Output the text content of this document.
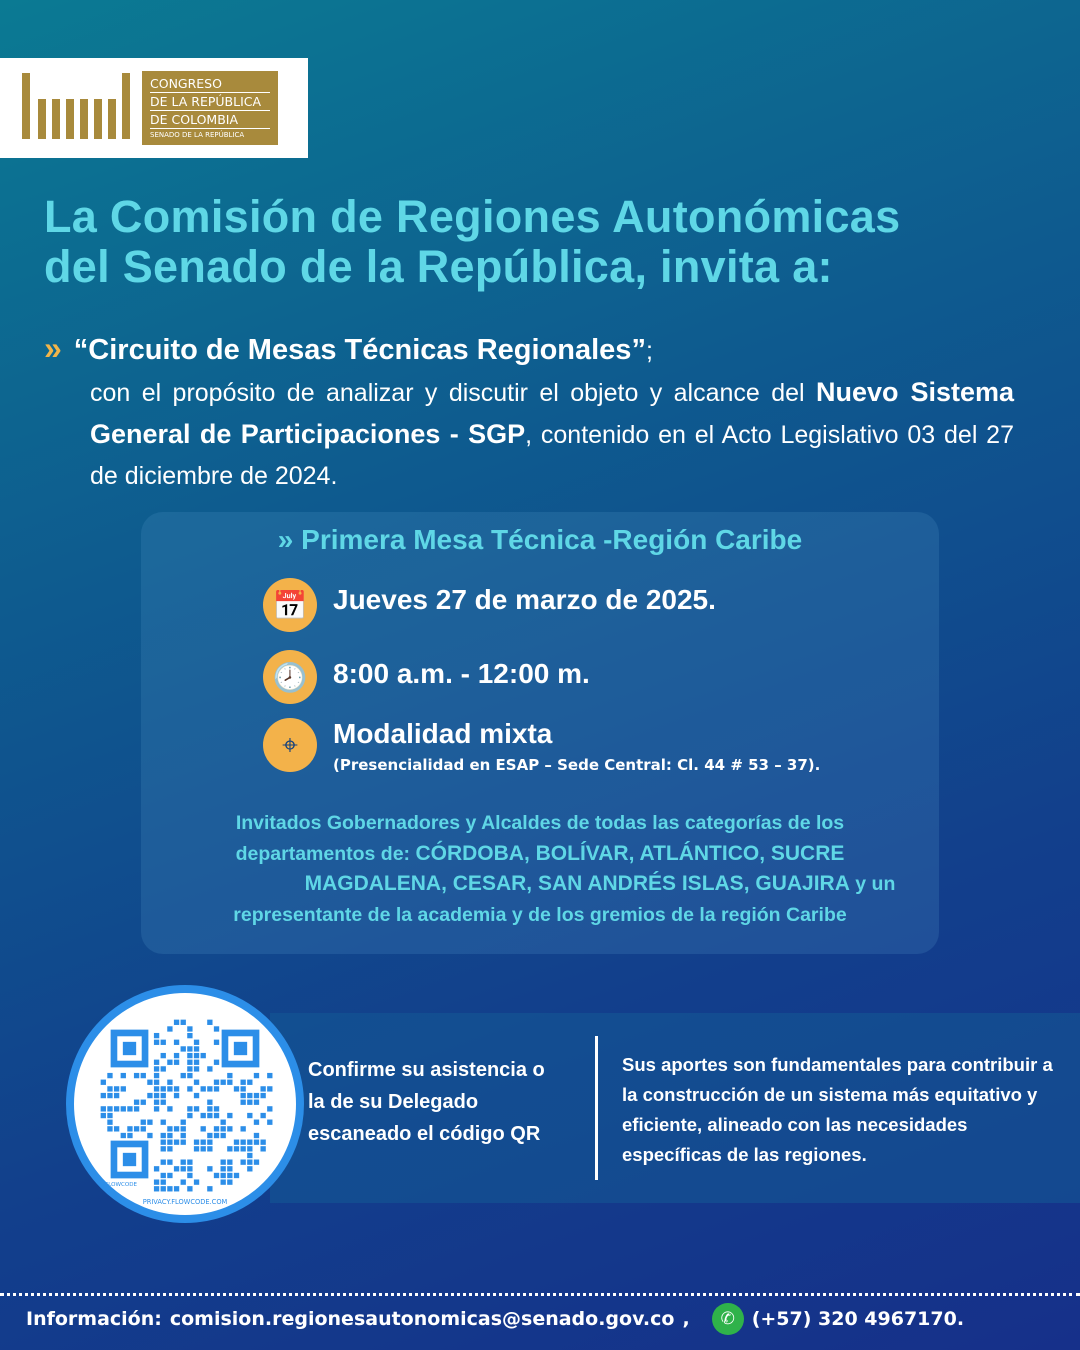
CONGRESO
DE LA REPÚBLICA
DE COLOMBIA
SENADO DE LA REPÚBLICA
La Comisión de Regiones Autonómicas
del Senado de la República, invita a:
» “Circuito de Mesas Técnicas Regionales”;

con el propósito de analizar y discutir el objeto y alcance del Nuevo Sistema General de Participaciones - SGP, contenido en el Acto Legislativo 03 del 27 de diciembre de 2024.

» Primera Mesa Técnica -Región Caribe
📅 Jueves 27 de marzo de 2025.
🕗 8:00 a.m. - 12:00 m.
⌖	Modalidad mixta
(Presencialidad en ESAP – Sede Central: Cl. 44 # 53 – 37).
Invitados Gobernadores y Alcaldes de todas las categorías de los
departamentos de: CÓRDOBA, BOLÍVAR, ATLÁNTICO, SUCRE
MAGDALENA, CESAR, SAN ANDRÉS ISLAS, GUAJIRA y un
representante de la academia y de los gremios de la región Caribe
PRIVACY.FLOWCODE.COM
FLOWCODE
Confirme su asistencia o
la de su Delegado
escaneado el código QR
Sus aportes son fundamentales para contribuir a la construcción de un sistema más equitativo y eficiente, alineado con las necesidades específicas de las regiones.
Información: comision.regionesautonomicas@senado.gov.co ,	✆ (+57) 320 4967170.
